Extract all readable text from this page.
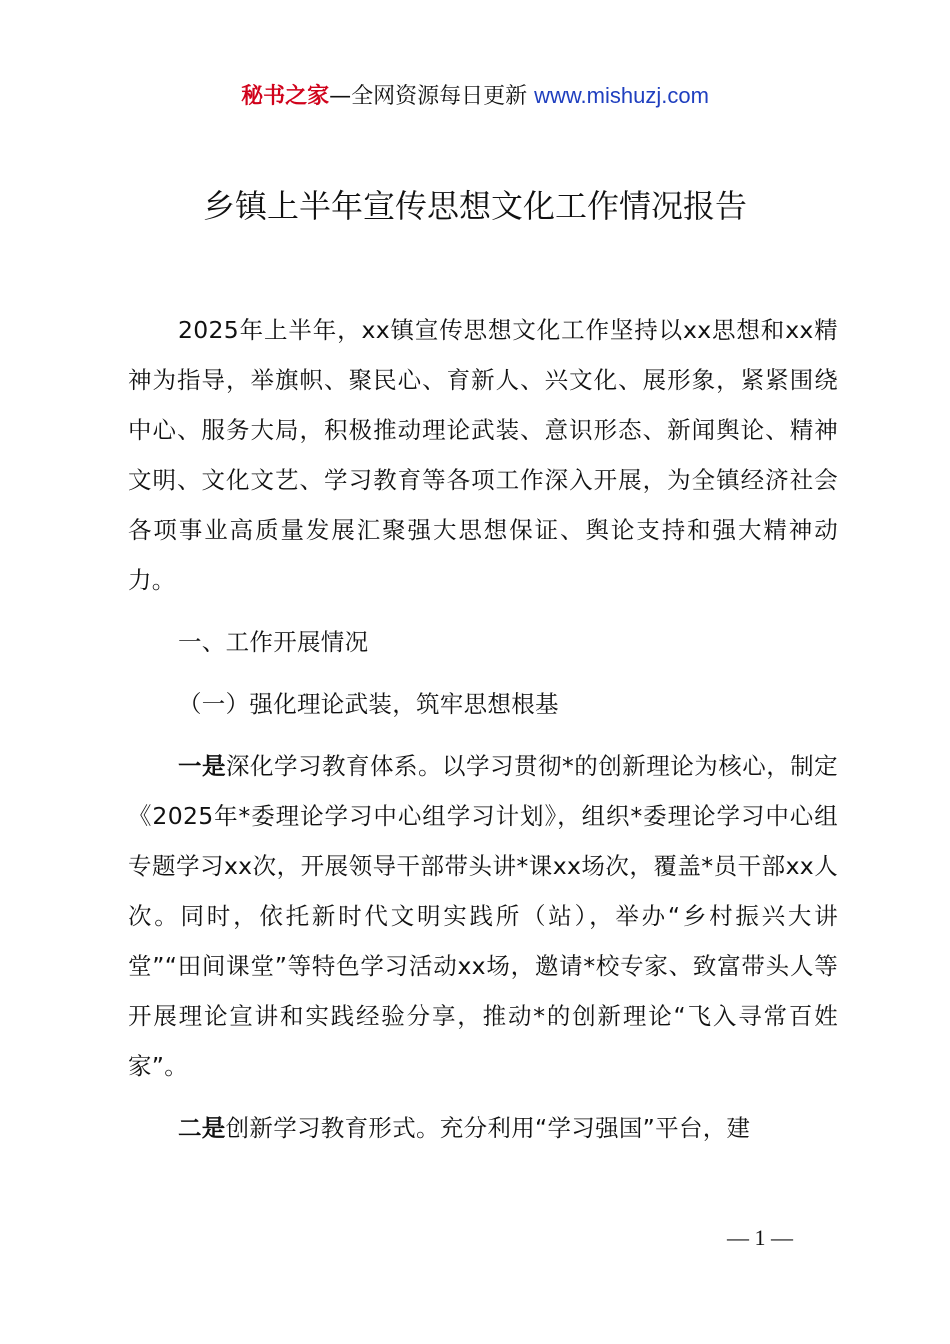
秘书之家—全网资源每日更新 www.mishuzj.com
乡镇上半年宣传思想文化工作情况报告

2025年上半年，xx镇宣传思想文化工作坚持以xx思想和xx精神为指导，举旗帜、聚民心、育新人、兴文化、展形象，紧紧围绕中心、服务大局，积极推动理论武装、意识形态、新闻舆论、精神文明、文化文艺、学习教育等各项工作深入开展，为全镇经济社会各项事业高质量发展汇聚强大思想保证、舆论支持和强大精神动力。

一、工作开展情况

（一）强化理论武装，筑牢思想根基

一是深化学习教育体系。以学习贯彻*的创新理论为核心，制定《2025年*委理论学习中心组学习计划》，组织*委理论学习中心组专题学习xx次，开展领导干部带头讲*课xx场次，覆盖*员干部xx人次。同时，依托新时代文明实践所（站），举办“乡村振兴大讲堂”“田间课堂”等特色学习活动xx场，邀请*校专家、致富带头人等开展理论宣讲和实践经验分享，推动*的创新理论“飞入寻常百姓家”。

二是创新学习教育形式。充分利用“学习强国”平台，建

— 1 —
